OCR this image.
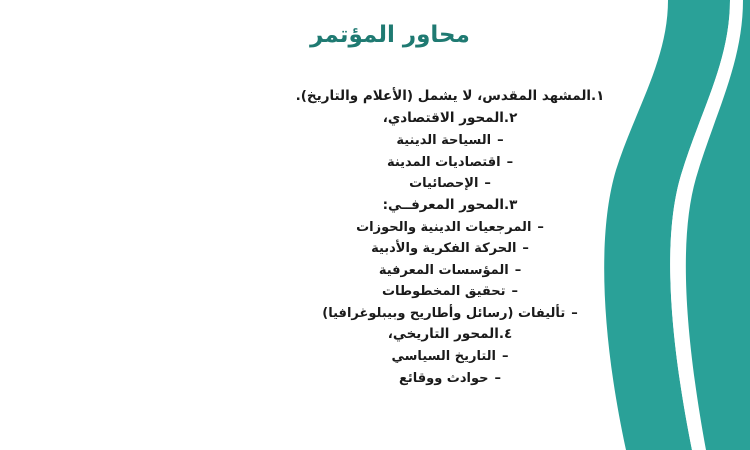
محاور المؤتمر
١.المشهد المقدس، لا يشمل (الأعلام والتاريخ).
٢.المحور الاقتصادي،
–السياحة الدينية
–اقتصاديات المدينة
–الإحصائيات
٣.المحور المعرفــي:
–المرجعيات الدينية والحوزات
–الحركة الفكرية والأدبية
–المؤسسات المعرفية
–تحقيق المخطوطات
–تأليفات (رسائل وأطاريح وبيبلوغرافيا)
٤.المحور التاريخي،
–التاريخ السياسي
–حوادث ووقائع
